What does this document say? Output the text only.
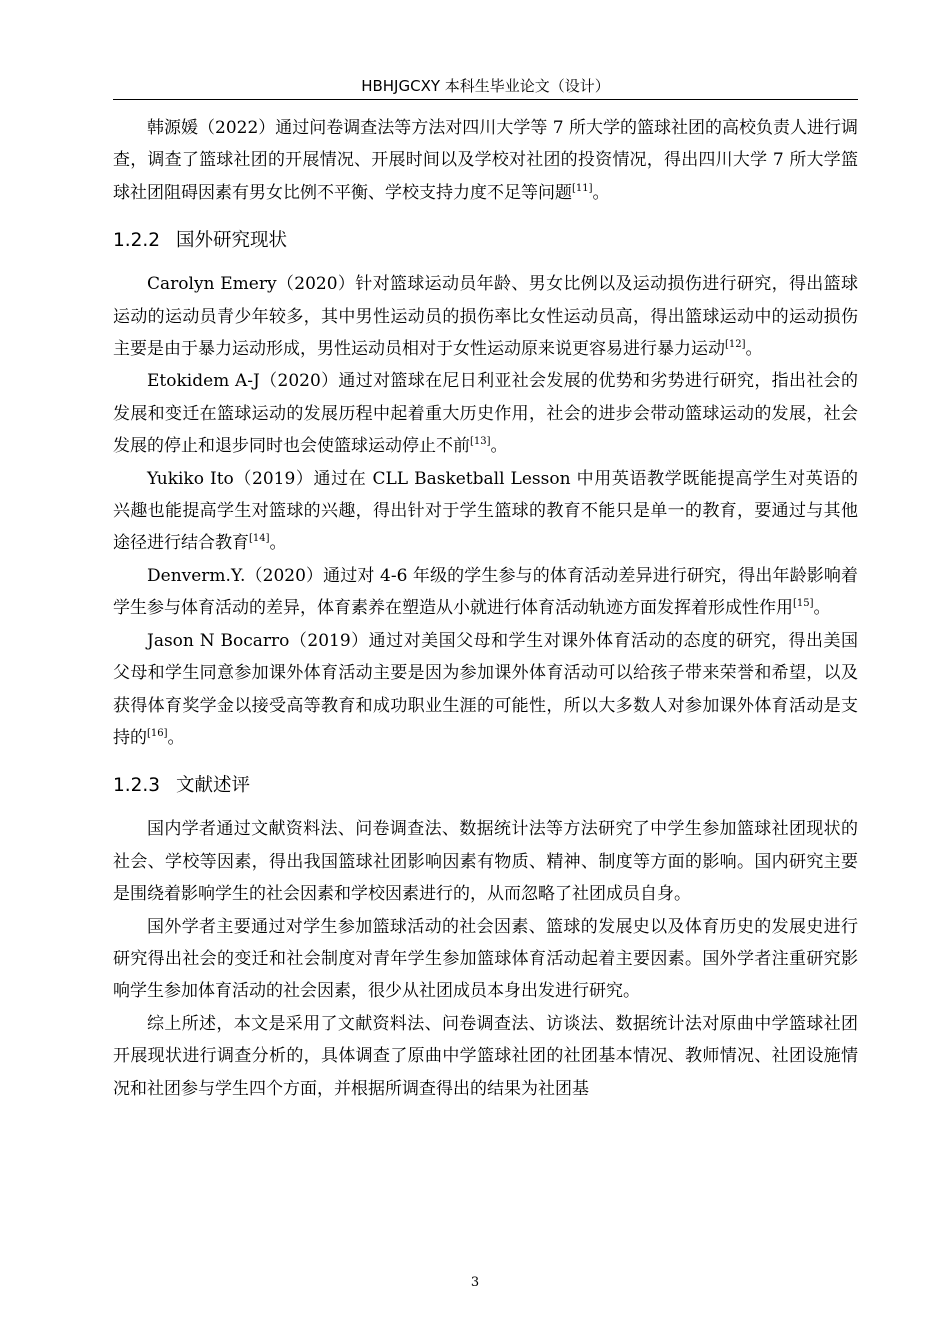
HBHJGCXY 本科生毕业论文（设计）

韩源媛（2022）通过问卷调查法等方法对四川大学等 7 所大学的篮球社团的高校负责人进行调查，调查了篮球社团的开展情况、开展时间以及学校对社团的投资情况，得出四川大学 7 所大学篮球社团阻碍因素有男女比例不平衡、学校支持力度不足等问题[11]。

1.2.2 国外研究现状

Carolyn Emery（2020）针对篮球运动员年龄、男女比例以及运动损伤进行研究，得出篮球运动的运动员青少年较多，其中男性运动员的损伤率比女性运动员高，得出篮球运动中的运动损伤主要是由于暴力运动形成，男性运动员相对于女性运动原来说更容易进行暴力运动[12]。

Etokidem A-J（2020）通过对篮球在尼日利亚社会发展的优势和劣势进行研究，指出社会的发展和变迁在篮球运动的发展历程中起着重大历史作用，社会的进步会带动篮球运动的发展，社会发展的停止和退步同时也会使篮球运动停止不前[13]。

Yukiko Ito（2019）通过在 CLL Basketball Lesson 中用英语教学既能提高学生对英语的兴趣也能提高学生对篮球的兴趣，得出针对于学生篮球的教育不能只是单一的教育，要通过与其他途径进行结合教育[14]。

Denverm.Y.（2020）通过对 4-6 年级的学生参与的体育活动差异进行研究，得出年龄影响着学生参与体育活动的差异，体育素养在塑造从小就进行体育活动轨迹方面发挥着形成性作用[15]。

Jason N Bocarro（2019）通过对美国父母和学生对课外体育活动的态度的研究，得出美国父母和学生同意参加课外体育活动主要是因为参加课外体育活动可以给孩子带来荣誉和希望，以及获得体育奖学金以接受高等教育和成功职业生涯的可能性，所以大多数人对参加课外体育活动是支持的[16]。

1.2.3 文献述评

国内学者通过文献资料法、问卷调查法、数据统计法等方法研究了中学生参加篮球社团现状的社会、学校等因素，得出我国篮球社团影响因素有物质、精神、制度等方面的影响。国内研究主要是围绕着影响学生的社会因素和学校因素进行的，从而忽略了社团成员自身。

国外学者主要通过对学生参加篮球活动的社会因素、篮球的发展史以及体育历史的发展史进行研究得出社会的变迁和社会制度对青年学生参加篮球体育活动起着主要因素。国外学者注重研究影响学生参加体育活动的社会因素，很少从社团成员本身出发进行研究。

综上所述，本文是采用了文献资料法、问卷调查法、访谈法、数据统计法对原曲中学篮球社团开展现状进行调查分析的，具体调查了原曲中学篮球社团的社团基本情况、教师情况、社团设施情况和社团参与学生四个方面，并根据所调查得出的结果为社团基

3
